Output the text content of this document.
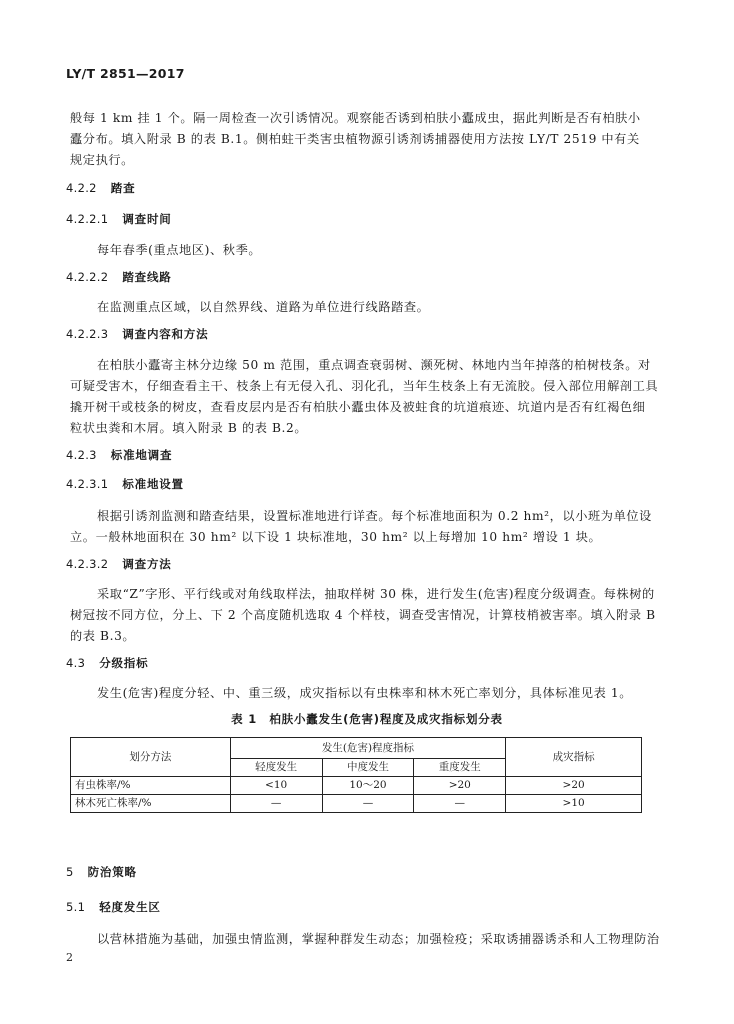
LY/T 2851—2017
般每 1 km 挂 1 个。隔一周检查一次引诱情况。观察能否诱到柏肤小蠹成虫，据此判断是否有柏肤小
蠹分布。填入附录 B 的表 B.1。侧柏蛀干类害虫植物源引诱剂诱捕器使用方法按 LY/T 2519 中有关
规定执行。
4.2.2 踏查
4.2.2.1 调查时间
每年春季(重点地区)、秋季。
4.2.2.2 踏查线路
在监测重点区域，以自然界线、道路为单位进行线路踏查。
4.2.2.3 调查内容和方法
在柏肤小蠹寄主林分边缘 50 m 范围，重点调查衰弱树、濒死树、林地内当年掉落的柏树枝条。对
可疑受害木，仔细查看主干、枝条上有无侵入孔、羽化孔，当年生枝条上有无流胶。侵入部位用解剖工具
撬开树干或枝条的树皮，查看皮层内是否有柏肤小蠹虫体及被蛀食的坑道痕迹、坑道内是否有红褐色细
粒状虫粪和木屑。填入附录 B 的表 B.2。
4.2.3 标准地调查
4.2.3.1 标准地设置
根据引诱剂监测和踏查结果，设置标准地进行详查。每个标准地面积为 0.2 hm²，以小班为单位设
立。一般林地面积在 30 hm² 以下设 1 块标准地，30 hm² 以上每增加 10 hm² 增设 1 块。
4.2.3.2 调查方法
采取“Z”字形、平行线或对角线取样法，抽取样树 30 株，进行发生(危害)程度分级调查。每株树的
树冠按不同方位，分上、下 2 个高度随机选取 4 个样枝，调查受害情况，计算枝梢被害率。填入附录 B
的表 B.3。
4.3 分级指标
发生(危害)程度分轻、中、重三级，成灾指标以有虫株率和林木死亡率划分，具体标准见表 1。
表 1　柏肤小蠹发生(危害)程度及成灾指标划分表
划分方法	发生(危害)程度指标			成灾指标
	轻度发生	中度发生	重度发生	
有虫株率/%	<10	10～20	>20	>20
林木死亡株率/%	—	—	—	>10
5 防治策略
5.1 轻度发生区
以营林措施为基础，加强虫情监测，掌握种群发生动态；加强检疫；采取诱捕器诱杀和人工物理防治
2
